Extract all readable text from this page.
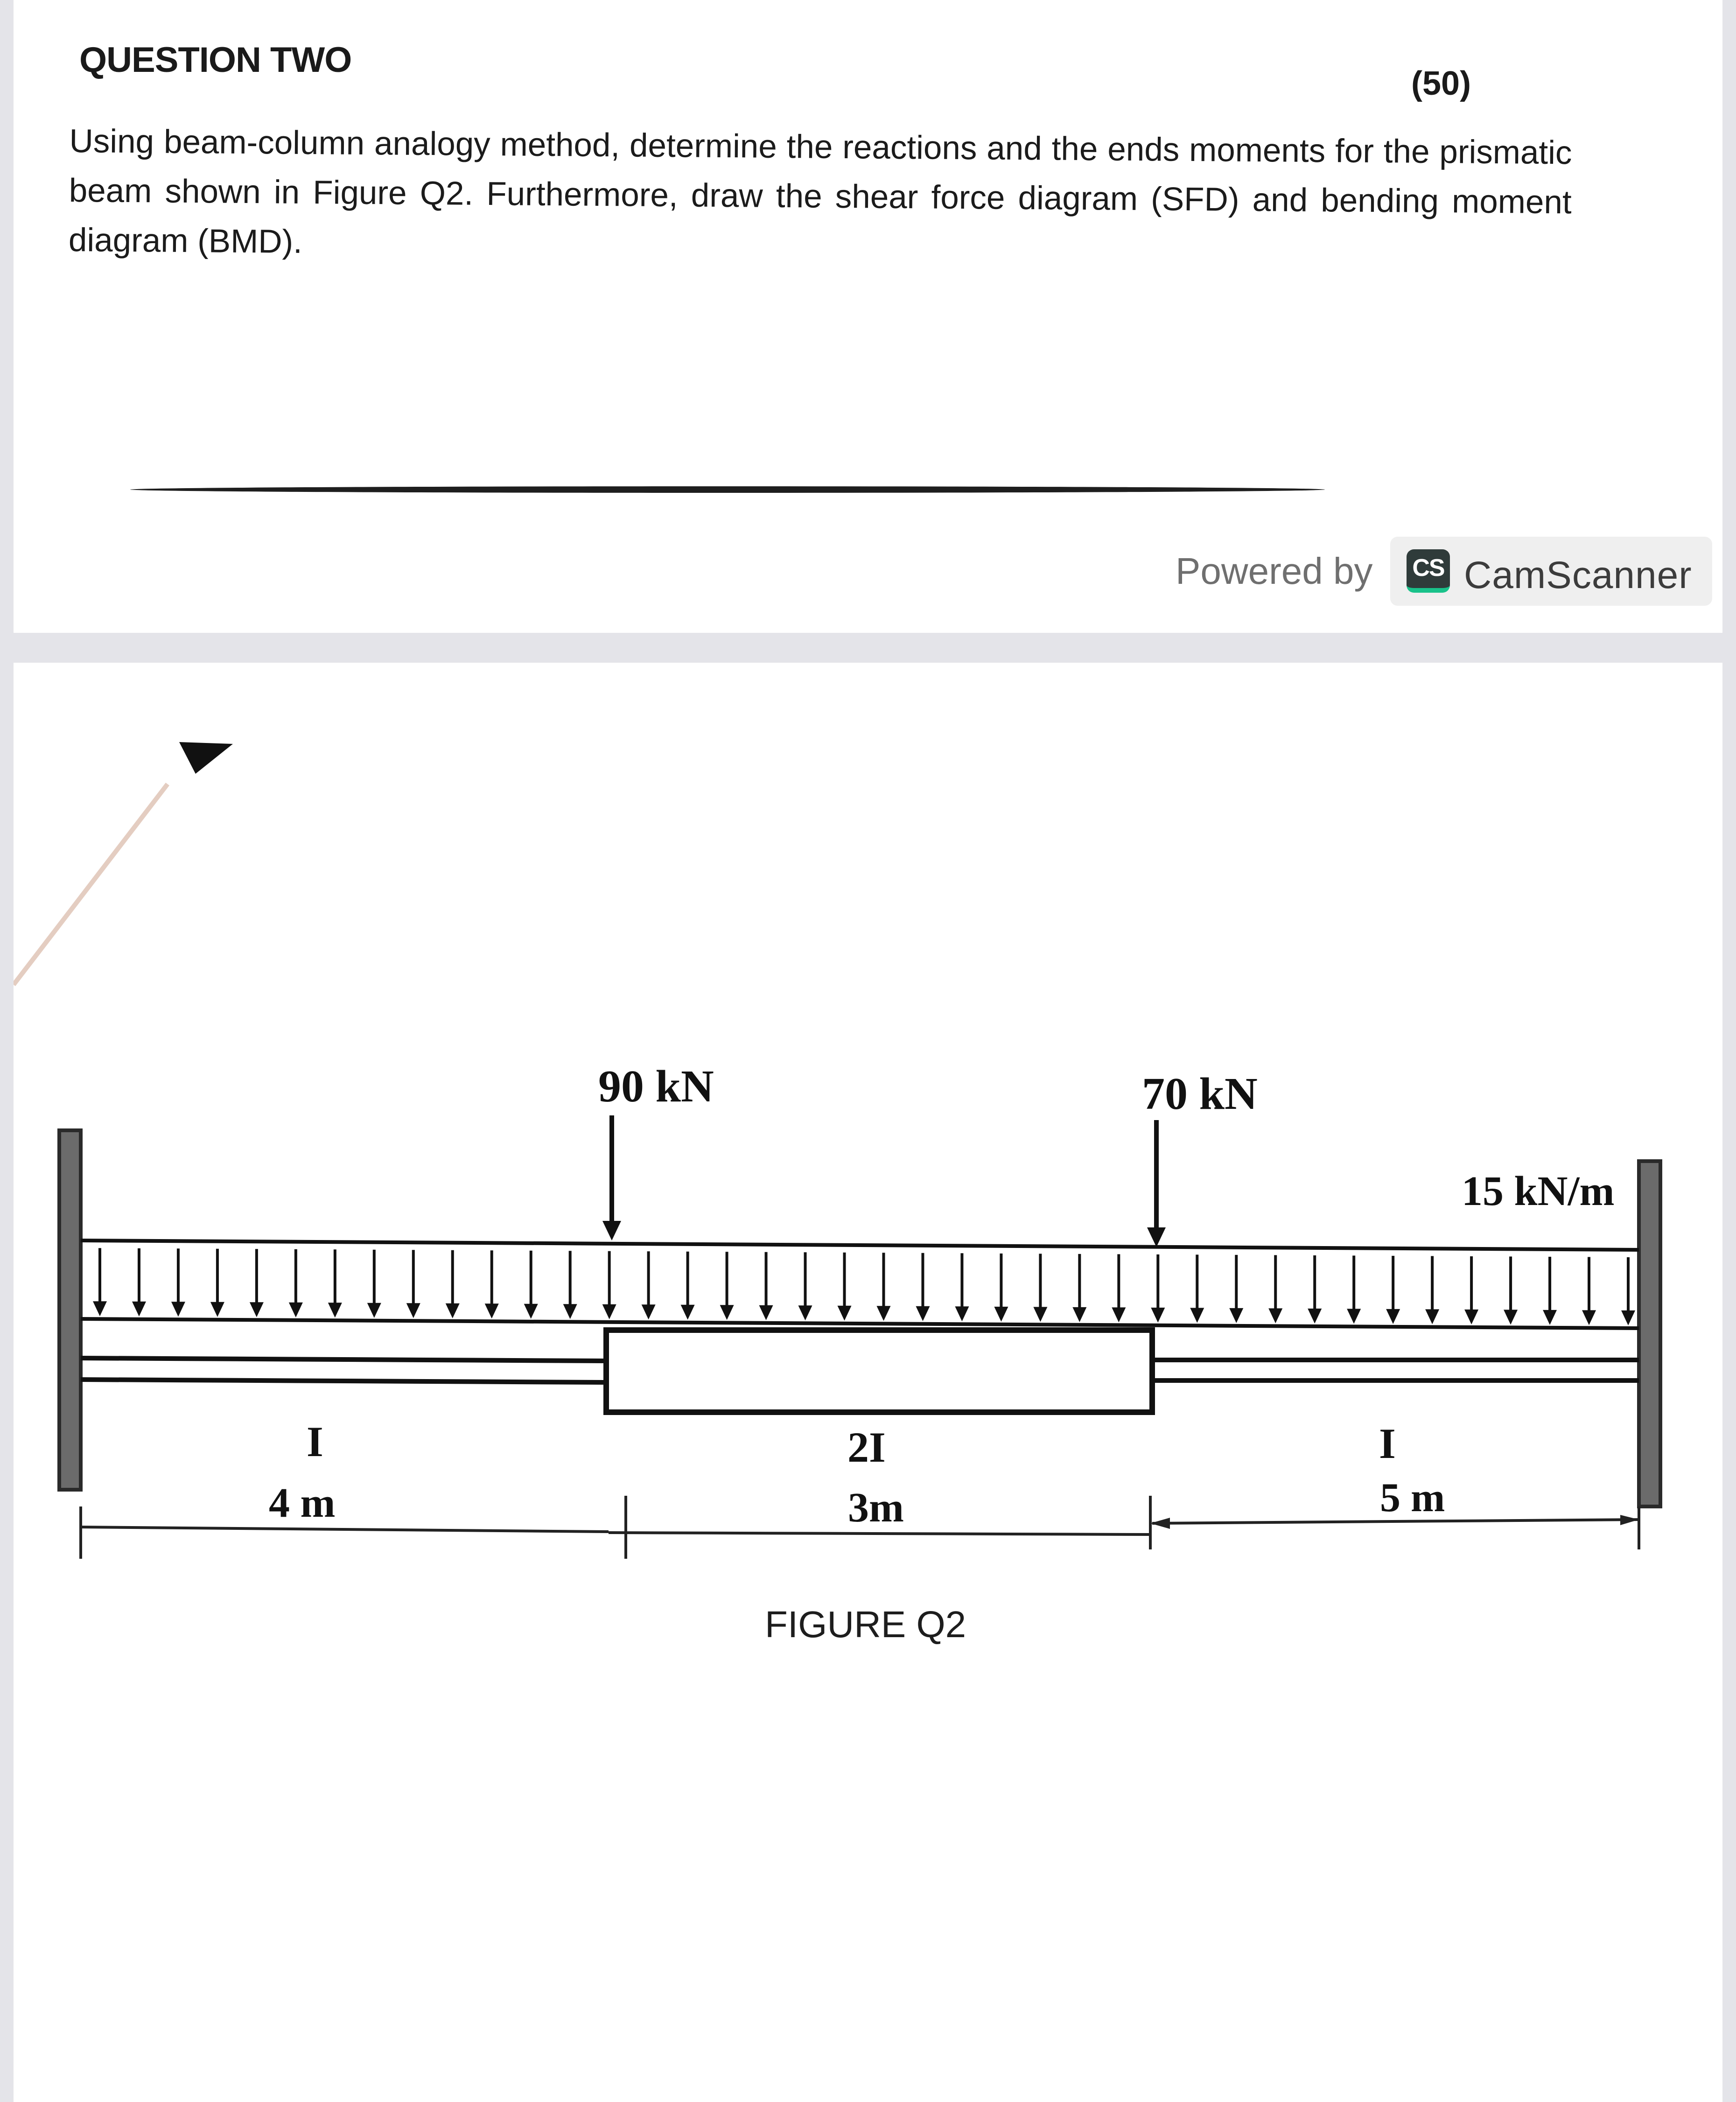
QUESTION TWO
(50)

Using beam-column analogy method, determine the reactions and the ends moments for the prismatic beam shown in Figure Q2. Furthermore, draw the shear force diagram (SFD) and bending moment diagram (BMD).

Powered by CS CamScanner
90 kN	70 kN
15 kN/m
I	2I	I
4 m	3m	5 m
FIGURE Q2
